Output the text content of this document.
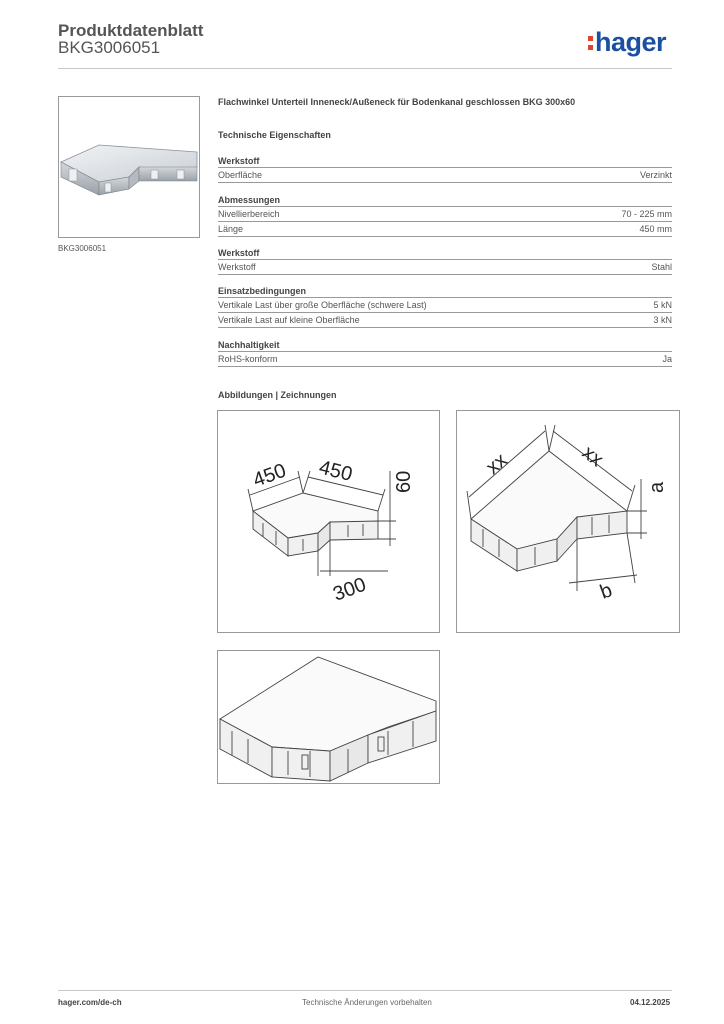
Produktdatenblatt
BKG3006051	hager
BKG3006051
Flachwinkel Unterteil Inneneck/Außeneck für Bodenkanal geschlossen BKG 300x60
Technische Eigenschaften
Werkstoff
Oberfläche	Verzinkt
Abmessungen
Nivellierbereich	70 - 225 mm
Länge	450 mm
Werkstoff
Werkstoff	Stahl
Einsatzbedingungen
Vertikale Last über große Oberfläche (schwere Last)	5 kN
Vertikale Last auf kleine Oberfläche	3 kN
Nachhaltigkeit
RoHS-konform	Ja
Abbildungen | Zeichnungen
450 450 60
300
xx	xx
a
b
hager.com/de-ch	Technische Änderungen vorbehalten	04.12.2025
